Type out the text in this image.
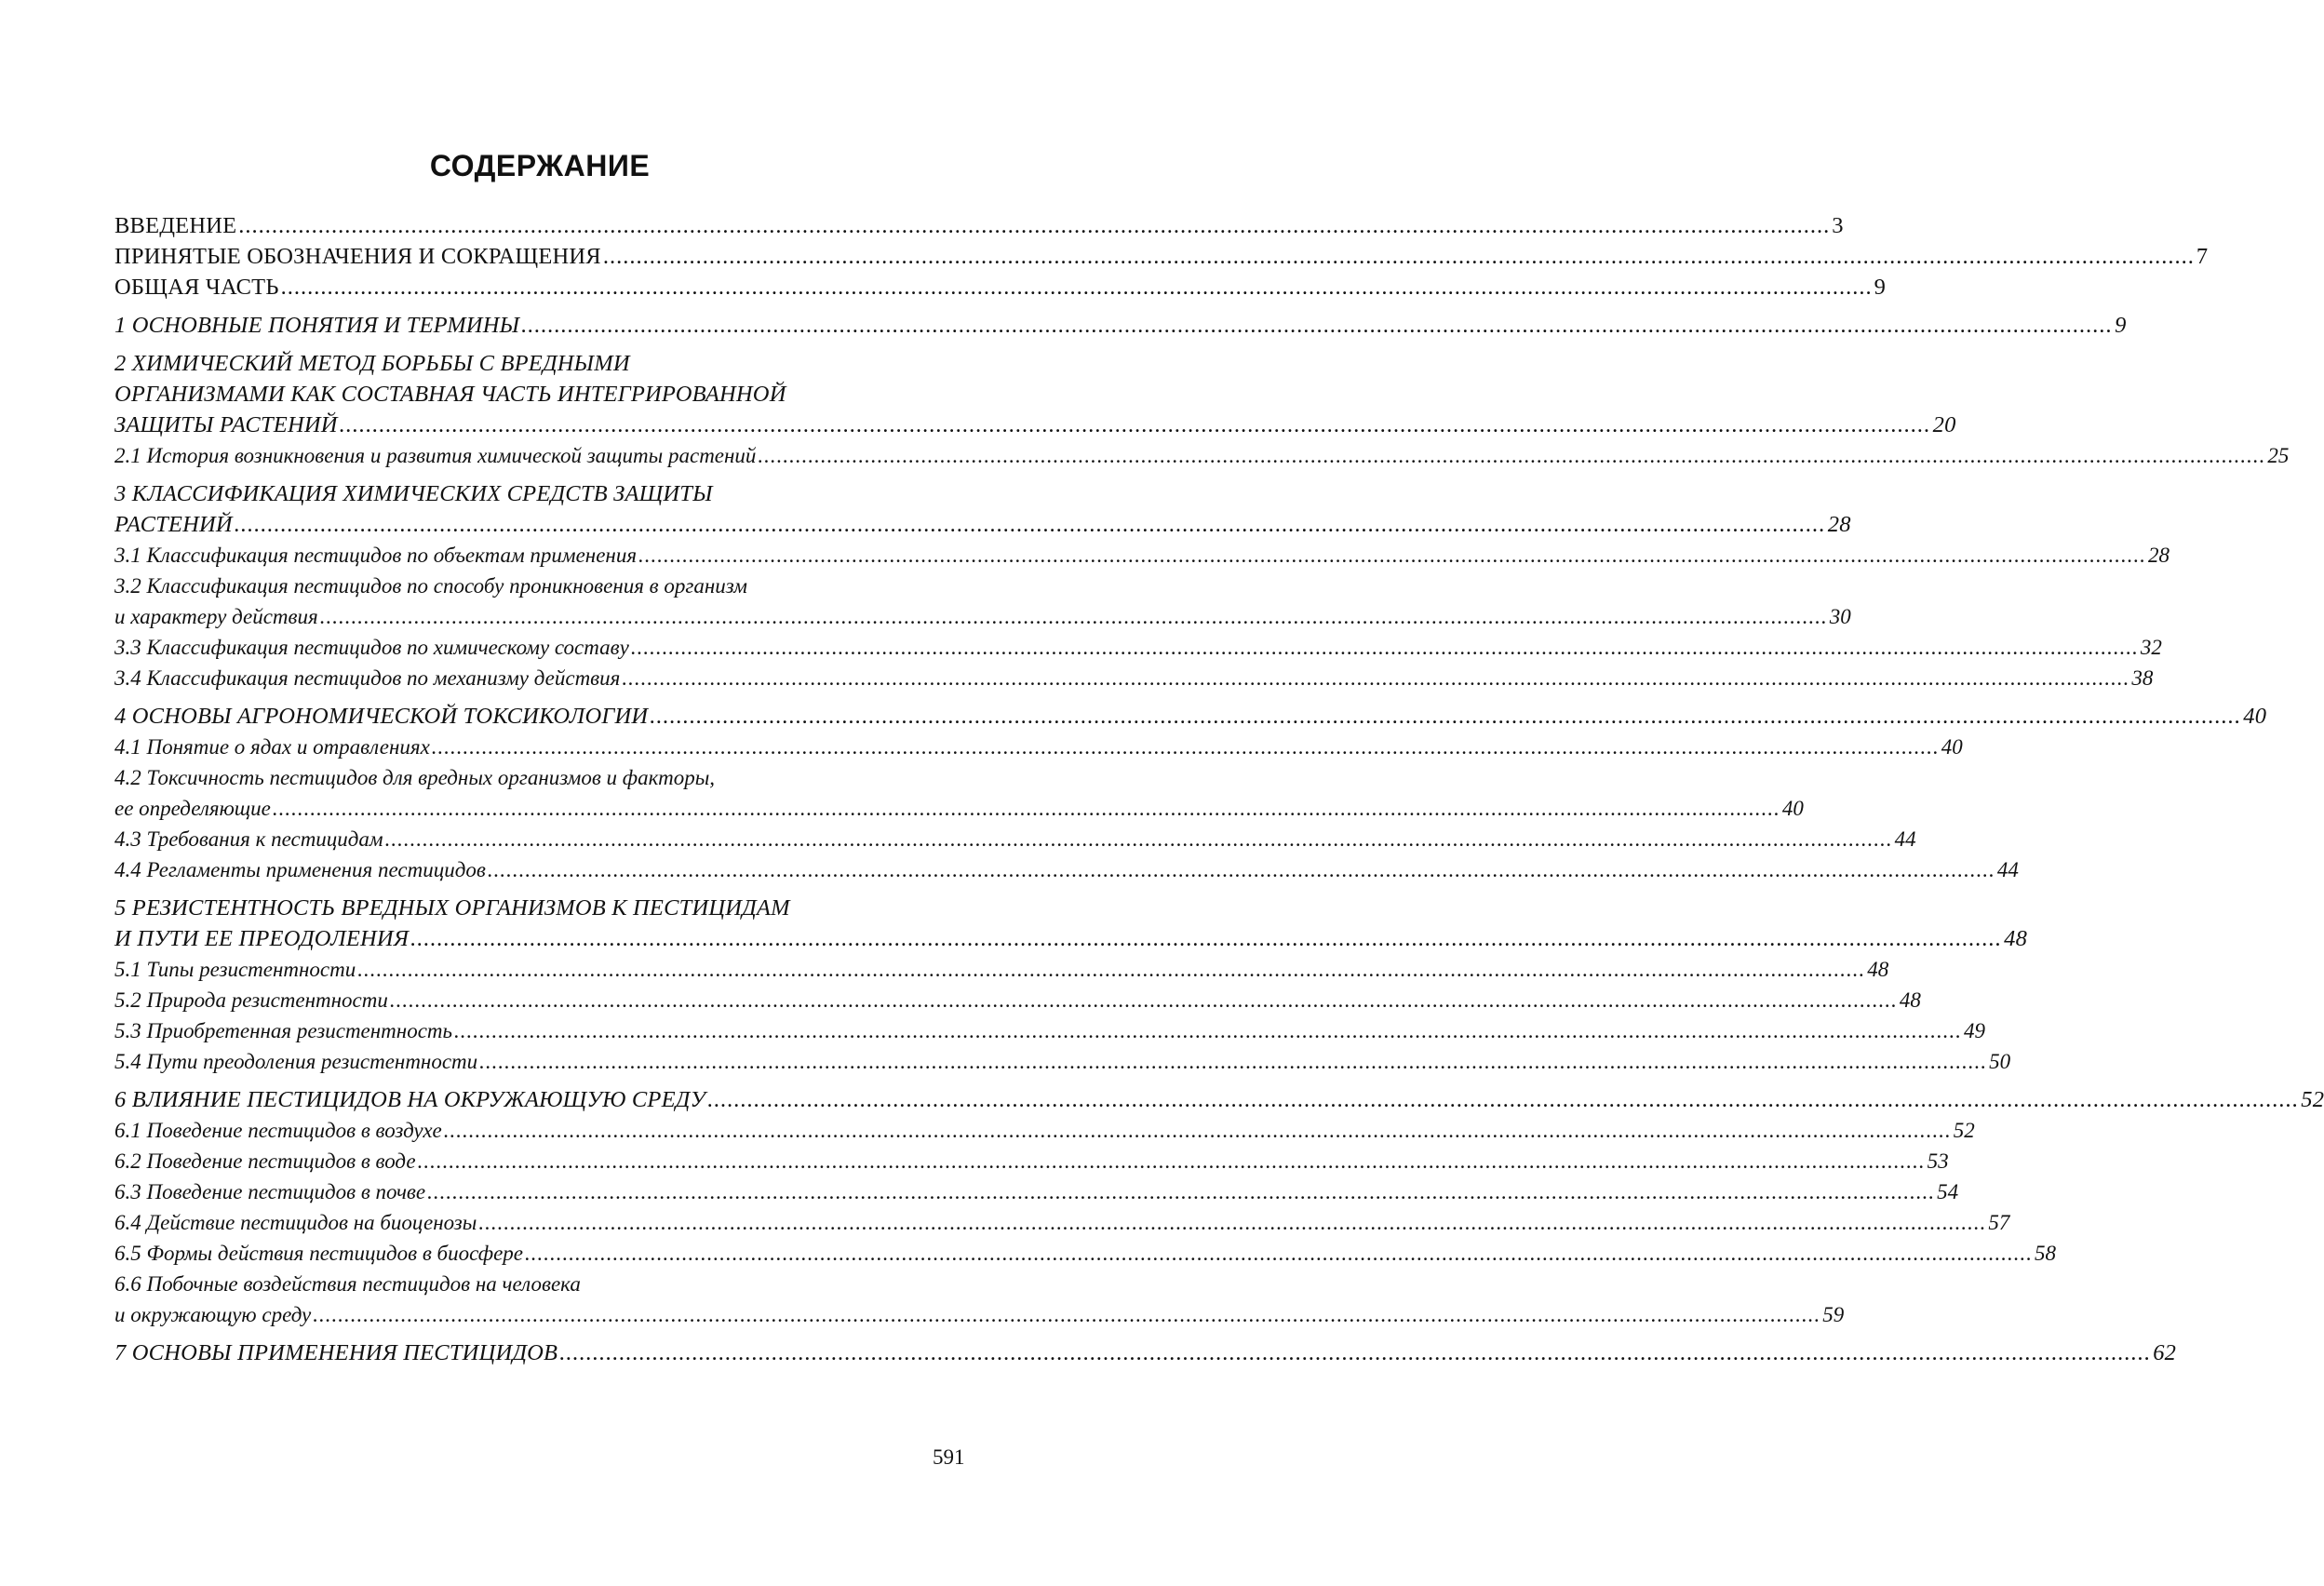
СОДЕРЖАНИЕ
ВВЕДЕНИЕ .....	3
ПРИНЯТЫЕ ОБОЗНАЧЕНИЯ И СОКРАЩЕНИЯ .....	7
ОБЩАЯ ЧАСТЬ .....	9
1 ОСНОВНЫЕ ПОНЯТИЯ И ТЕРМИНЫ .....	9
2 ХИМИЧЕСКИЙ МЕТОД БОРЬБЫ С ВРЕДНЫМИ
ОРГАНИЗМАМИ КАК СОСТАВНАЯ ЧАСТЬ ИНТЕГРИРОВАННОЙ
ЗАЩИТЫ РАСТЕНИЙ .....	20
2.1 История возникновения и развития химической защиты растений .....	25
3 КЛАССИФИКАЦИЯ ХИМИЧЕСКИХ СРЕДСТВ ЗАЩИТЫ
РАСТЕНИЙ .....	28
3.1 Классификация пестицидов по объектам применения .....	28
3.2 Классификация пестицидов по способу проникновения в организм
и характеру действия .....	30
3.3 Классификация пестицидов по химическому составу .....	32
3.4 Классификация пестицидов по механизму действия .....	38
4 ОСНОВЫ АГРОНОМИЧЕСКОЙ ТОКСИКОЛОГИИ .....	40
4.1 Понятие о ядах и отравлениях .....	40
4.2 Токсичность пестицидов для вредных организмов и факторы,
ее определяющие .....	40
4.3 Требования к пестицидам .....	44
4.4 Регламенты применения пестицидов .....	44
5 РЕЗИСТЕНТНОСТЬ ВРЕДНЫХ ОРГАНИЗМОВ К ПЕСТИЦИДАМ
И ПУТИ ЕЕ ПРЕОДОЛЕНИЯ .....	48
5.1 Типы резистентности .....	48
5.2 Природа резистентности .....	48
5.3 Приобретенная резистентность .....	49
5.4 Пути преодоления резистентности .....	50
6 ВЛИЯНИЕ ПЕСТИЦИДОВ НА ОКРУЖАЮЩУЮ СРЕДУ .....	52
6.1 Поведение пестицидов в воздухе .....	52
6.2 Поведение пестицидов в воде .....	53
6.3 Поведение пестицидов в почве .....	54
6.4 Действие пестицидов на биоценозы .....	57
6.5 Формы действия пестицидов в биосфере .....	58
6.6 Побочные воздействия пестицидов на человека
и окружающую среду .....	59
7 ОСНОВЫ ПРИМЕНЕНИЯ ПЕСТИЦИДОВ .....	62
591
